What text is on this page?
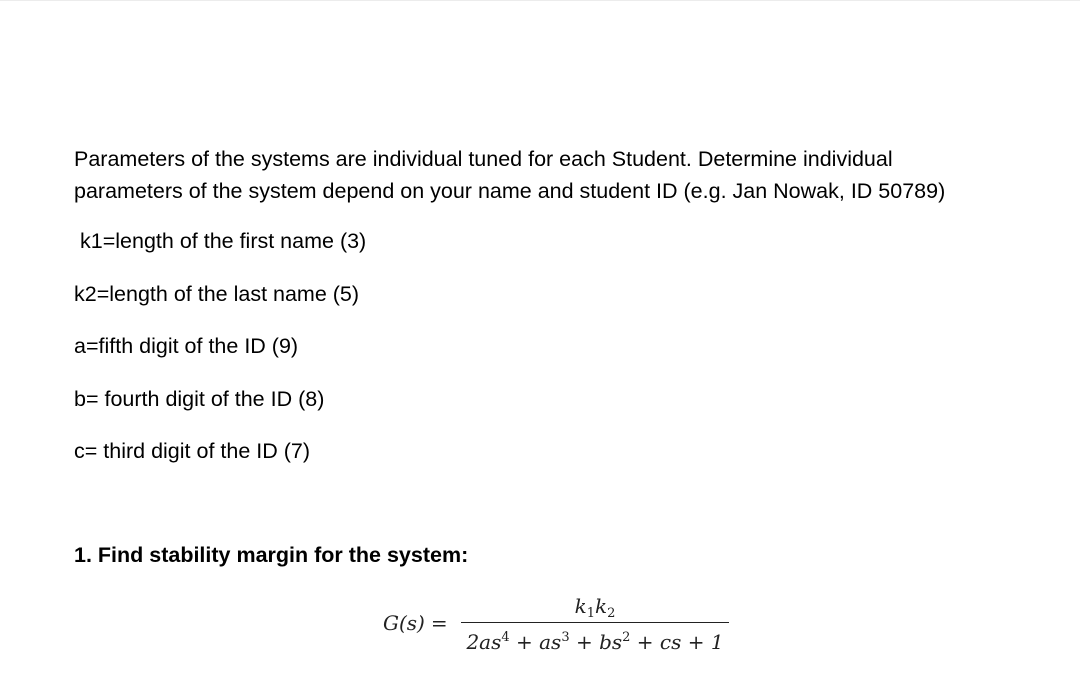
Parameters of the systems are individual tuned for each Student. Determine individual
parameters of the system depend on your name and student ID (e.g. Jan Nowak, ID 50789)

k1=length of the first name (3)

k2=length of the last name (5)

a=fifth digit of the ID (9)

b= fourth digit of the ID (8)

c= third digit of the ID (7)

1. Find stability margin for the system:

G(s) =
$k_1k_2$
$2as^4 + as^3 + bs^2$ + cs + 1
